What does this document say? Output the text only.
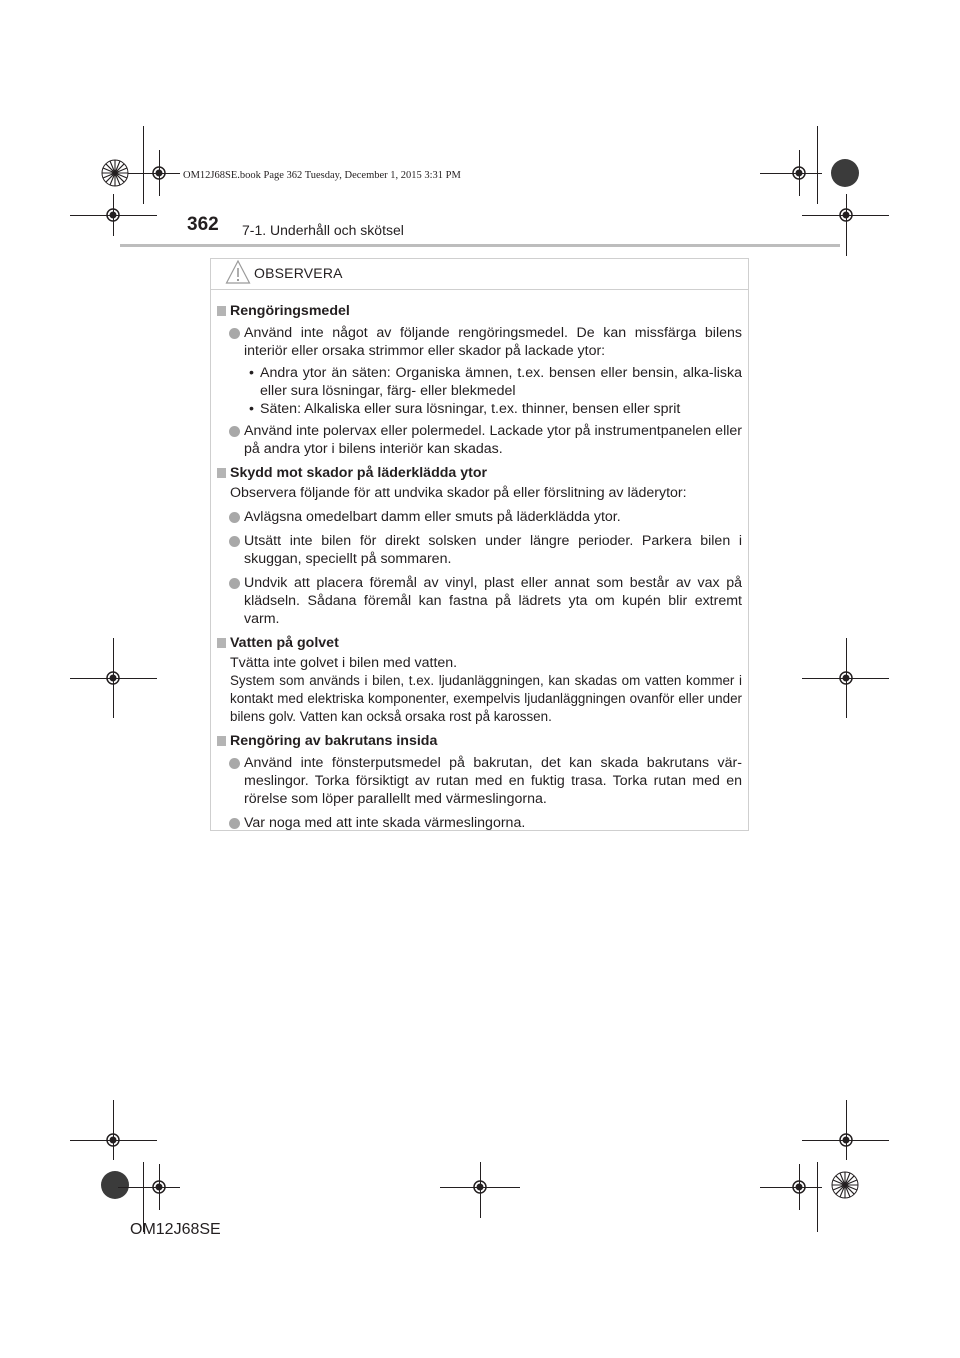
OM12J68SE.book Page 362 Tuesday, December 1, 2015 3:31 PM
362 7-1. Underhåll och skötsel
OBSERVERA
Rengöringsmedel
Använd inte något av följande rengöringsmedel. De kan missfärga bilens interiör eller orsaka strimmor eller skador på lackade ytor:
• Andra ytor än säten: Organiska ämnen, t.ex. bensen eller bensin, alka-liska eller sura lösningar, färg- eller blekmedel
• Säten: Alkaliska eller sura lösningar, t.ex. thinner, bensen eller sprit
Använd inte polervax eller polermedel. Lackade ytor på instrumentpanelen eller på andra ytor i bilens interiör kan skadas.
Skydd mot skador på läderklädda ytor
Observera följande för att undvika skador på eller förslitning av läderytor:
Avlägsna omedelbart damm eller smuts på läderklädda ytor.
Utsätt inte bilen för direkt solsken under längre perioder. Parkera bilen i skuggan, speciellt på sommaren.
Undvik att placera föremål av vinyl, plast eller annat som består av vax på klädseln. Sådana föremål kan fastna på lädrets yta om kupén blir extremt varm.
Vatten på golvet
Tvätta inte golvet i bilen med vatten.
System som används i bilen, t.ex. ljudanläggningen, kan skadas om vatten kommer i kontakt med elektriska komponenter, exempelvis ljudanläggningen ovanför eller under bilens golv. Vatten kan också orsaka rost på karossen.
Rengöring av bakrutans insida
Använd inte fönsterputsmedel på bakrutan, det kan skada bakrutans vär-meslingor. Torka försiktigt av rutan med en fuktig trasa. Torka rutan med en rörelse som löper parallellt med värmeslingorna.
Var noga med att inte skada värmeslingorna.
OM12J68SE
